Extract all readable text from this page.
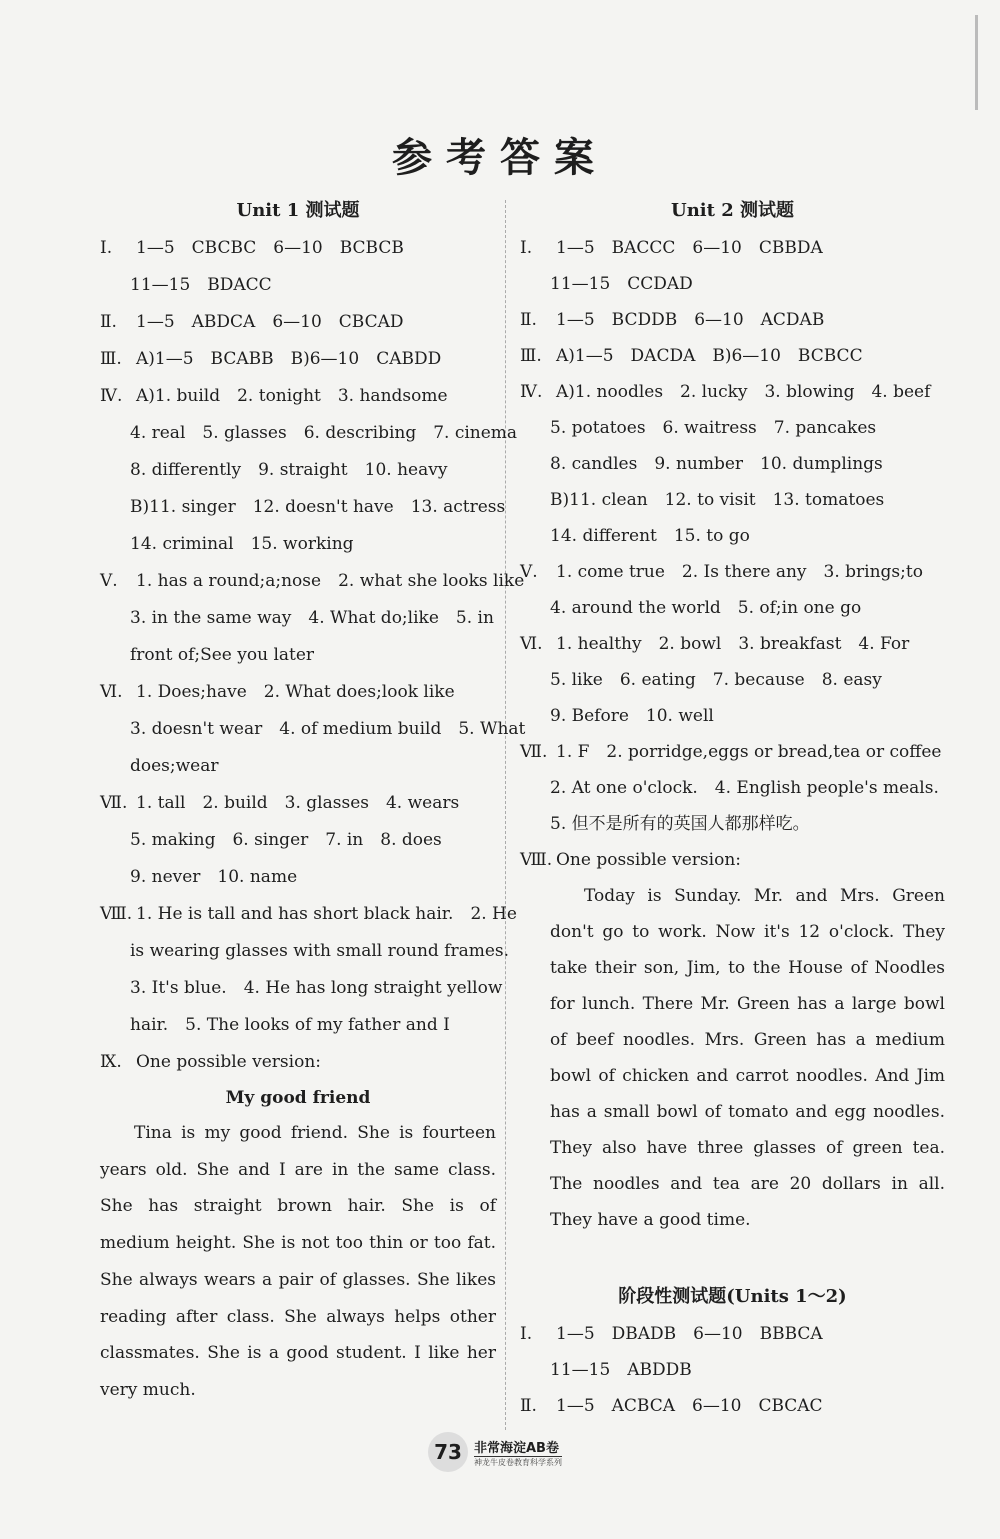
参考答案
Unit 1 测试题
Ⅰ. 1—5　CBCBC　6—10　BCBCB
11—15　BDACC
Ⅱ. 1—5　ABDCA　6—10　CBCAD
Ⅲ. A)1—5　BCABB　B)6—10　CABDD
Ⅳ. A)1. build　2. tonight　3. handsome
4. real　5. glasses　6. describing　7. cinema
8. differently　9. straight　10. heavy
B)11. singer　12. doesn't have　13. actress
14. criminal　15. working
Ⅴ. 1. has a round;a;nose　2. what she looks like
3. in the same way　4. What do;like　5. in
front of;See you later
Ⅵ. 1. Does;have　2. What does;look like
3. doesn't wear　4. of medium build　5. What
does;wear
Ⅶ. 1. tall　2. build　3. glasses　4. wears
5. making　6. singer　7. in　8. does
9. never　10. name
Ⅷ. 1. He is tall and has short black hair.　2. He
is wearing glasses with small round frames.
3. It's blue.　4. He has long straight yellow
hair.　5. The looks of my father and I
Ⅸ. One possible version:
My good friend
Tina is my good friend. She is fourteen years old. She and I are in the same class. She has straight brown hair. She is of medium height. She is not too thin or too fat. She always wears a pair of glasses. She likes reading after class. She always helps other classmates. She is a good student. I like her very much.
Unit 2 测试题
Ⅰ. 1—5　BACCC　6—10　CBBDA
11—15　CCDAD
Ⅱ. 1—5　BCDDB　6—10　ACDAB
Ⅲ. A)1—5　DACDA　B)6—10　BCBCC
Ⅳ. A)1. noodles　2. lucky　3. blowing　4. beef
5. potatoes　6. waitress　7. pancakes
8. candles　9. number　10. dumplings
B)11. clean　12. to visit　13. tomatoes
14. different　15. to go
Ⅴ. 1. come true　2. Is there any　3. brings;to
4. around the world　5. of;in one go
Ⅵ. 1. healthy　2. bowl　3. breakfast　4. For
5. like　6. eating　7. because　8. easy
9. Before　10. well
Ⅶ. 1. F　2. porridge,eggs or bread,tea or coffee
2. At one o'clock.　4. English people's meals.
5. 但不是所有的英国人都那样吃。
Ⅷ. One possible version:
Today is Sunday. Mr. and Mrs. Green don't go to work. Now it's 12 o'clock. They take their son, Jim, to the House of Noodles for lunch. There Mr. Green has a large bowl of beef noodles. Mrs. Green has a medium bowl of chicken and carrot noodles. And Jim has a small bowl of tomato and egg noodles. They also have three glasses of green tea. The noodles and tea are 20 dollars in all. They have a good time.
阶段性测试题(Units 1～2)
Ⅰ. 1—5　DBADB　6—10　BBBCA
11—15　ABDDB
Ⅱ. 1—5　ACBCA　6—10　CBCAC
73 非常海淀AB卷
神龙牛皮卷教育科学系列
